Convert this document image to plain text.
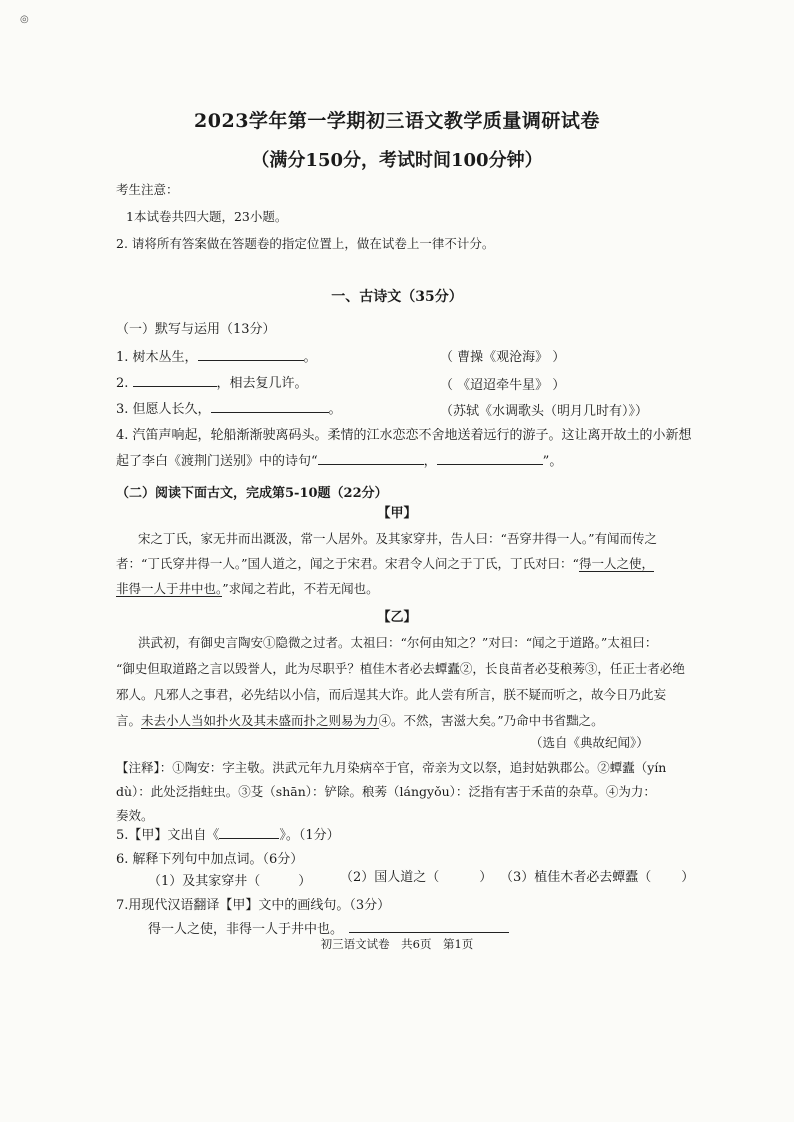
◎
2023学年第一学期初三语文教学质量调研试卷
（满分150分，考试时间100分钟）
考生注意：
1本试卷共四大题，23小题。
2. 请将所有答案做在答题卷的指定位置上，做在试卷上一律不计分。
一、古诗文（35分）
（一）默写与运用（13分）
1. 树木丛生，	。	（ 曹操《观沧海》 ）
2.	，相去复几许。	（ 《迢迢牵牛星》 ）
3. 但愿人长久，	。	（苏轼《水调歌头（明月几时有）》）
4. 汽笛声响起，轮船渐渐驶离码头。柔情的江水恋恋不舍地送着远行的游子。这让离开故土的小新想
起了李白《渡荆门送别》中的诗句“	，	”。
（二）阅读下面古文，完成第5-10题（22分）
【甲】
宋之丁氏，家无井而出溉汲，常一人居外。及其家穿井，告人曰：“吾穿井得一人。”有闻而传之
者：“丁氏穿井得一人。”国人道之，闻之于宋君。宋君令人问之于丁氏，丁氏对曰：“得一人之使，
非得一人于井中也。”求闻之若此，不若无闻也。
【乙】
洪武初，有御史言陶安①隐微之过者。太祖曰：“尔何由知之？”对曰：“闻之于道路。”太祖曰：
“御史但取道路之言以毁誉人，此为尽职乎？植佳木者必去蟫蠹②，长良苗者必芟稂莠③，任正士者必绝
邪人。凡邪人之事君，必先结以小信，而后逞其大诈。此人尝有所言，朕不疑而听之，故今日乃此妄
言。未去小人当如扑火及其未盛而扑之则易为力④。不然，害滋大矣。”乃命中书省黜之。
（选自《典故纪闻》）
【注释】：①陶安：字主敬。洪武元年九月染病卒于官，帝亲为文以祭，追封姑孰郡公。②蟫蠹（yín
dù）：此处泛指蛀虫。③芟（shān）：铲除。稂莠（lángyǒu）：泛指有害于禾苗的杂草。④为力：
奏效。
5.【甲】文出自《	》。（1分）
6. 解释下列句中加点词。（6分）
（1）及其家穿井（	） （2）国人道之（	） （3）植佳木者必去蟫蠹（ ）
7.用现代汉语翻译【甲】文中的画线句。（3分）
得一人之使，非得一人于井中也。
初三语文试卷　共6页　第1页
